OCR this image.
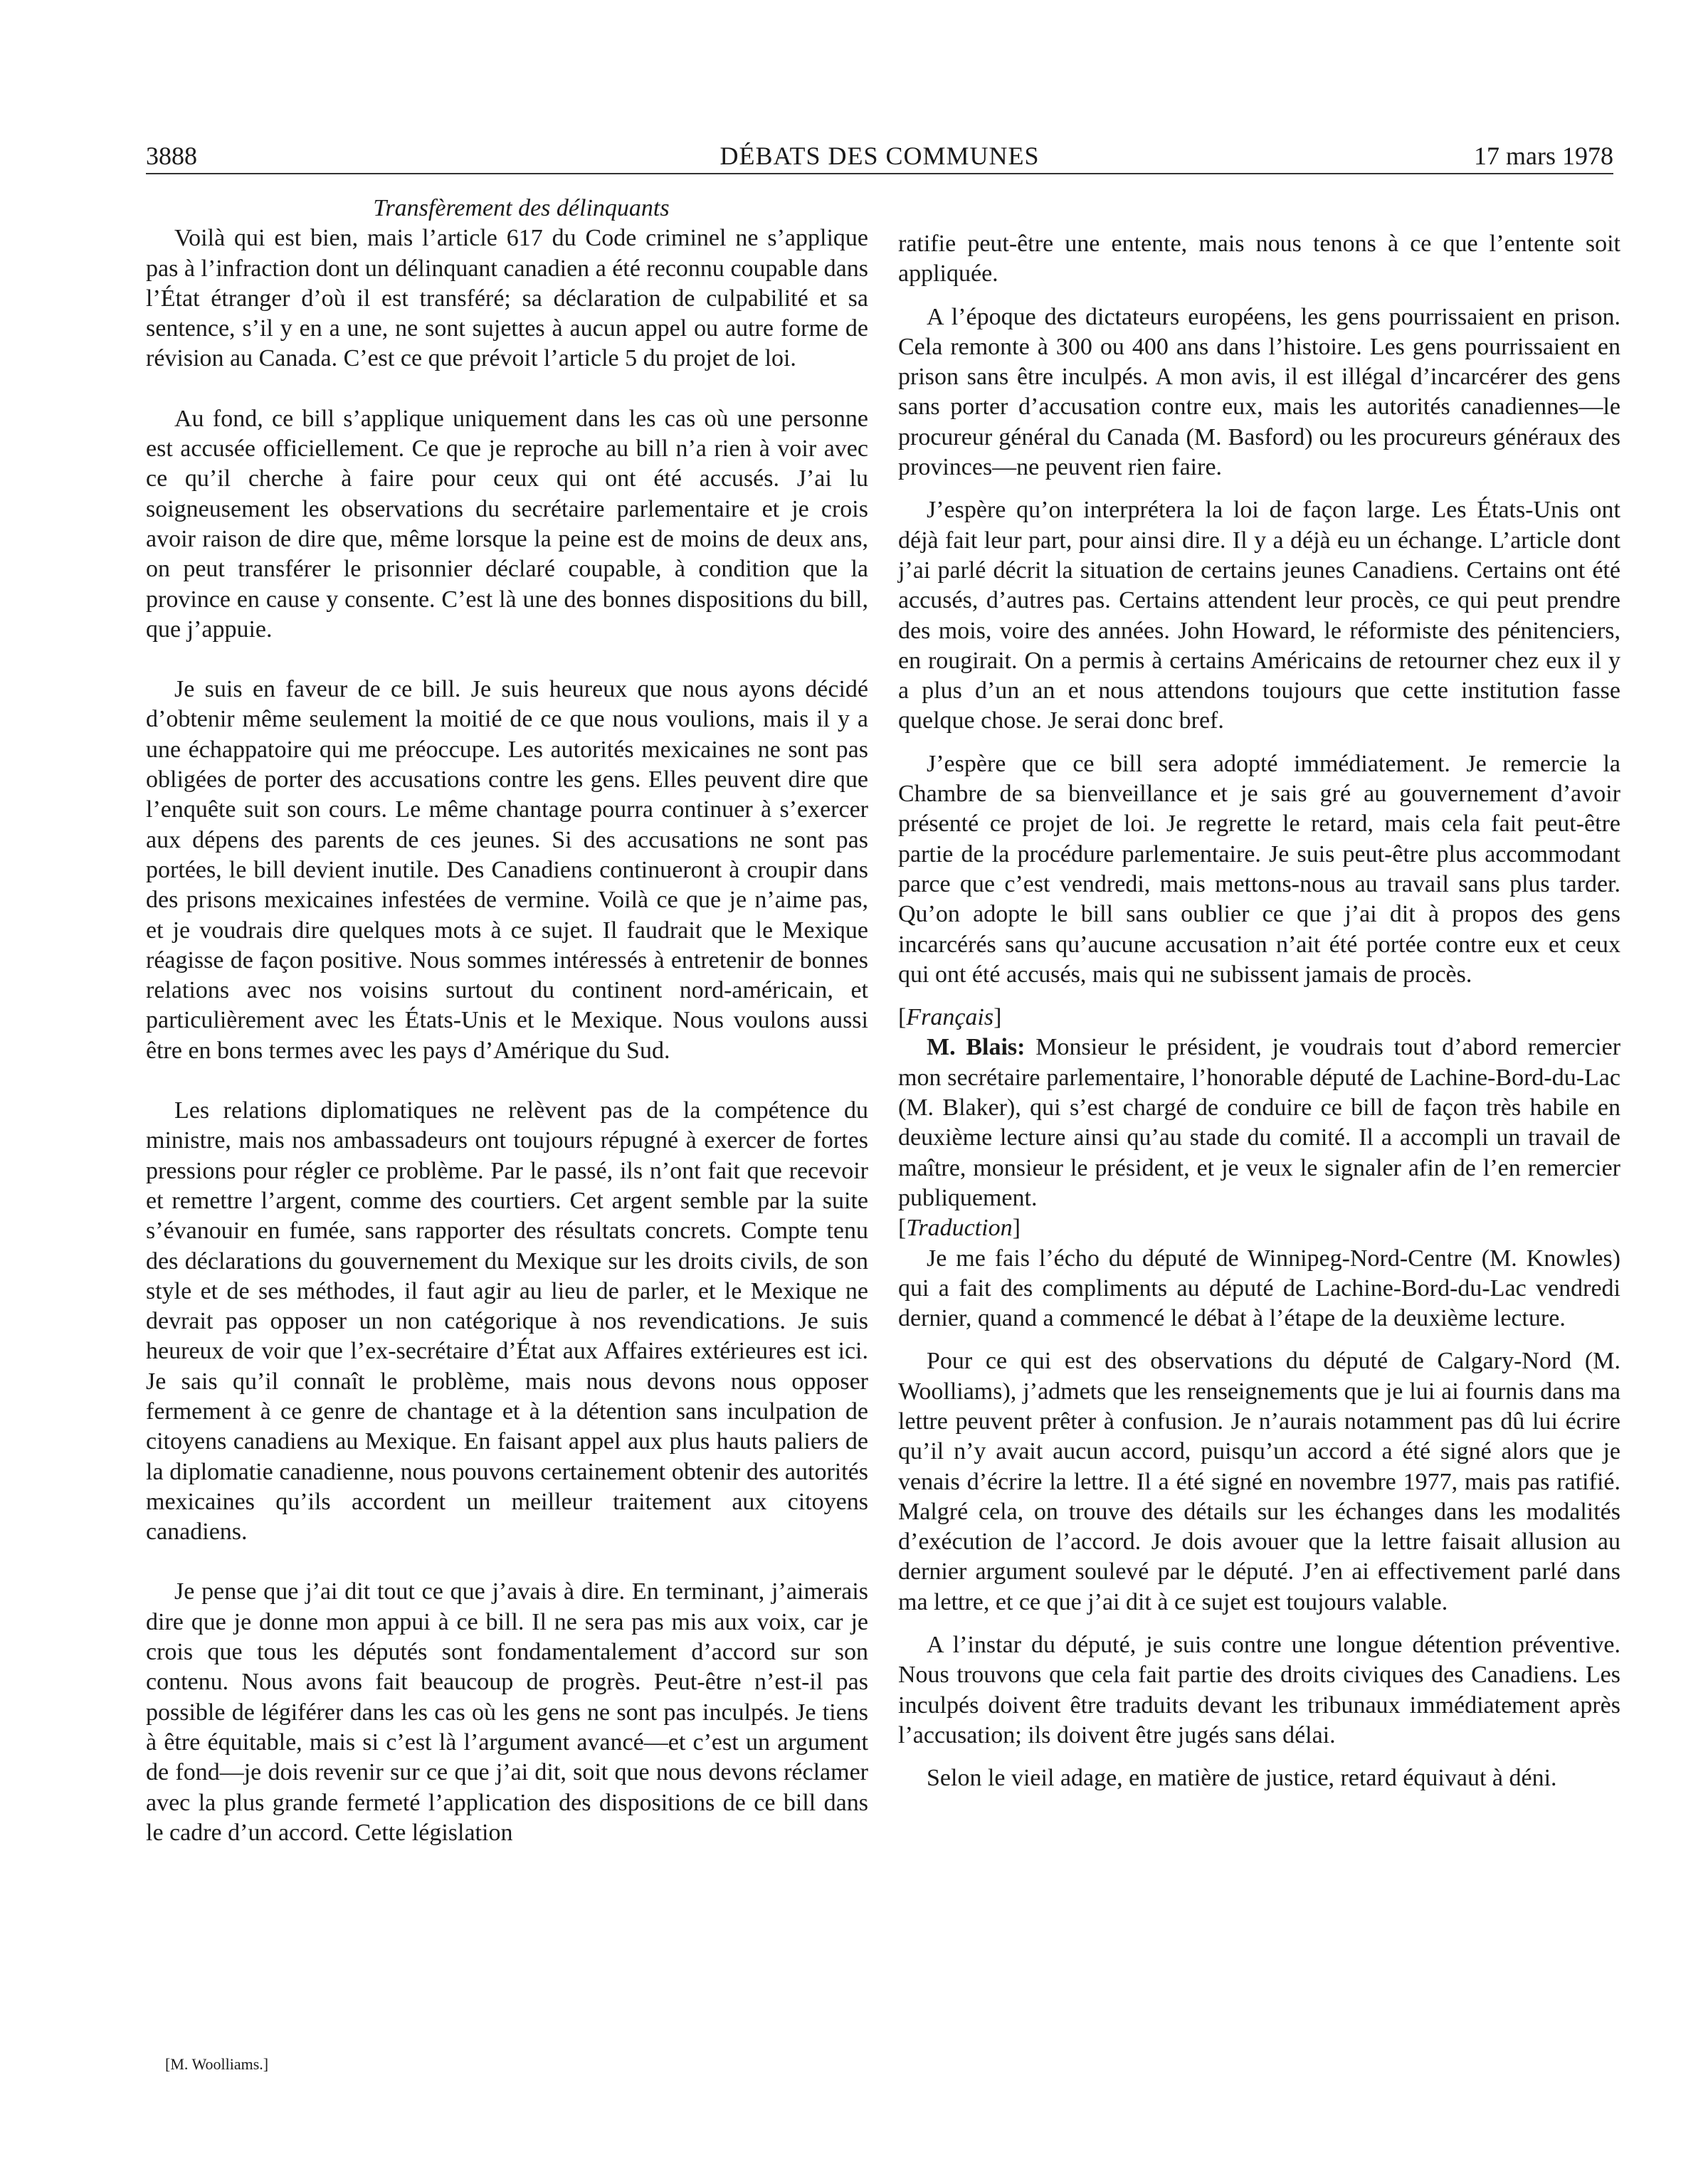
3888	DÉBATS DES COMMUNES	17 mars 1978

Transfèrement des délinquants

Voilà qui est bien, mais l’article 617 du Code criminel ne s’applique pas à l’infraction dont un délinquant canadien a été reconnu coupable dans l’État étranger d’où il est transféré; sa déclaration de culpabilité et sa sentence, s’il y en a une, ne sont sujettes à aucun appel ou autre forme de révision au Canada. C’est ce que prévoit l’article 5 du projet de loi.

Au fond, ce bill s’applique uniquement dans les cas où une personne est accusée officiellement. Ce que je reproche au bill n’a rien à voir avec ce qu’il cherche à faire pour ceux qui ont été accusés. J’ai lu soigneusement les observations du secrétaire parlementaire et je crois avoir raison de dire que, même lorsque la peine est de moins de deux ans, on peut transférer le prisonnier déclaré coupable, à condition que la province en cause y consente. C’est là une des bonnes dispositions du bill, que j’appuie.

Je suis en faveur de ce bill. Je suis heureux que nous ayons décidé d’obtenir même seulement la moitié de ce que nous voulions, mais il y a une échappatoire qui me préoccupe. Les autorités mexicaines ne sont pas obligées de porter des accusations contre les gens. Elles peuvent dire que l’enquête suit son cours. Le même chantage pourra continuer à s’exercer aux dépens des parents de ces jeunes. Si des accusations ne sont pas portées, le bill devient inutile. Des Canadiens continueront à croupir dans des prisons mexicaines infestées de vermine. Voilà ce que je n’aime pas, et je voudrais dire quelques mots à ce sujet. Il faudrait que le Mexique réagisse de façon positive. Nous sommes intéressés à entretenir de bonnes relations avec nos voisins surtout du continent nord-américain, et particulièrement avec les États-Unis et le Mexique. Nous voulons aussi être en bons termes avec les pays d’Amérique du Sud.

Les relations diplomatiques ne relèvent pas de la compétence du ministre, mais nos ambassadeurs ont toujours répugné à exercer de fortes pressions pour régler ce problème. Par le passé, ils n’ont fait que recevoir et remettre l’argent, comme des courtiers. Cet argent semble par la suite s’évanouir en fumée, sans rapporter des résultats concrets. Compte tenu des déclarations du gouvernement du Mexique sur les droits civils, de son style et de ses méthodes, il faut agir au lieu de parler, et le Mexique ne devrait pas opposer un non catégorique à nos revendications. Je suis heureux de voir que l’ex-secrétaire d’État aux Affaires extérieures est ici. Je sais qu’il connaît le problème, mais nous devons nous opposer fermement à ce genre de chantage et à la détention sans inculpation de citoyens canadiens au Mexique. En faisant appel aux plus hauts paliers de la diplomatie canadienne, nous pouvons certainement obtenir des autorités mexicaines qu’ils accordent un meilleur traitement aux citoyens canadiens.

Je pense que j’ai dit tout ce que j’avais à dire. En terminant, j’aimerais dire que je donne mon appui à ce bill. Il ne sera pas mis aux voix, car je crois que tous les députés sont fondamentalement d’accord sur son contenu. Nous avons fait beaucoup de progrès. Peut-être n’est-il pas possible de légiférer dans les cas où les gens ne sont pas inculpés. Je tiens à être équitable, mais si c’est là l’argument avancé—et c’est un argument de fond—je dois revenir sur ce que j’ai dit, soit que nous devons réclamer avec la plus grande fermeté l’application des dispositions de ce bill dans le cadre d’un accord. Cette législation

[M. Woolliams.]

ratifie peut-être une entente, mais nous tenons à ce que l’entente soit appliquée.

A l’époque des dictateurs européens, les gens pourrissaient en prison. Cela remonte à 300 ou 400 ans dans l’histoire. Les gens pourrissaient en prison sans être inculpés. A mon avis, il est illégal d’incarcérer des gens sans porter d’accusation contre eux, mais les autorités canadiennes—le procureur général du Canada (M. Basford) ou les procureurs généraux des provinces—ne peuvent rien faire.

J’espère qu’on interprétera la loi de façon large. Les États-Unis ont déjà fait leur part, pour ainsi dire. Il y a déjà eu un échange. L’article dont j’ai parlé décrit la situation de certains jeunes Canadiens. Certains ont été accusés, d’autres pas. Certains attendent leur procès, ce qui peut prendre des mois, voire des années. John Howard, le réformiste des pénitenciers, en rougirait. On a permis à certains Américains de retourner chez eux il y a plus d’un an et nous attendons toujours que cette institution fasse quelque chose. Je serai donc bref.

J’espère que ce bill sera adopté immédiatement. Je remercie la Chambre de sa bienveillance et je sais gré au gouvernement d’avoir présenté ce projet de loi. Je regrette le retard, mais cela fait peut-être partie de la procédure parlementaire. Je suis peut-être plus accommodant parce que c’est vendredi, mais mettons-nous au travail sans plus tarder. Qu’on adopte le bill sans oublier ce que j’ai dit à propos des gens incarcérés sans qu’aucune accusation n’ait été portée contre eux et ceux qui ont été accusés, mais qui ne subissent jamais de procès.

[Français]

M. Blais: Monsieur le président, je voudrais tout d’abord remercier mon secrétaire parlementaire, l’honorable député de Lachine-Bord-du-Lac (M. Blaker), qui s’est chargé de conduire ce bill de façon très habile en deuxième lecture ainsi qu’au stade du comité. Il a accompli un travail de maître, monsieur le président, et je veux le signaler afin de l’en remercier publiquement.

[Traduction]

Je me fais l’écho du député de Winnipeg-Nord-Centre (M. Knowles) qui a fait des compliments au député de Lachine-Bord-du-Lac vendredi dernier, quand a commencé le débat à l’étape de la deuxième lecture.

Pour ce qui est des observations du député de Calgary-Nord (M. Woolliams), j’admets que les renseignements que je lui ai fournis dans ma lettre peuvent prêter à confusion. Je n’aurais notamment pas dû lui écrire qu’il n’y avait aucun accord, puisqu’un accord a été signé alors que je venais d’écrire la lettre. Il a été signé en novembre 1977, mais pas ratifié. Malgré cela, on trouve des détails sur les échanges dans les modalités d’exécution de l’accord. Je dois avouer que la lettre faisait allusion au dernier argument soulevé par le député. J’en ai effectivement parlé dans ma lettre, et ce que j’ai dit à ce sujet est toujours valable.

A l’instar du député, je suis contre une longue détention préventive. Nous trouvons que cela fait partie des droits civiques des Canadiens. Les inculpés doivent être traduits devant les tribunaux immédiatement après l’accusation; ils doivent être jugés sans délai.

Selon le vieil adage, en matière de justice, retard équivaut à déni.
